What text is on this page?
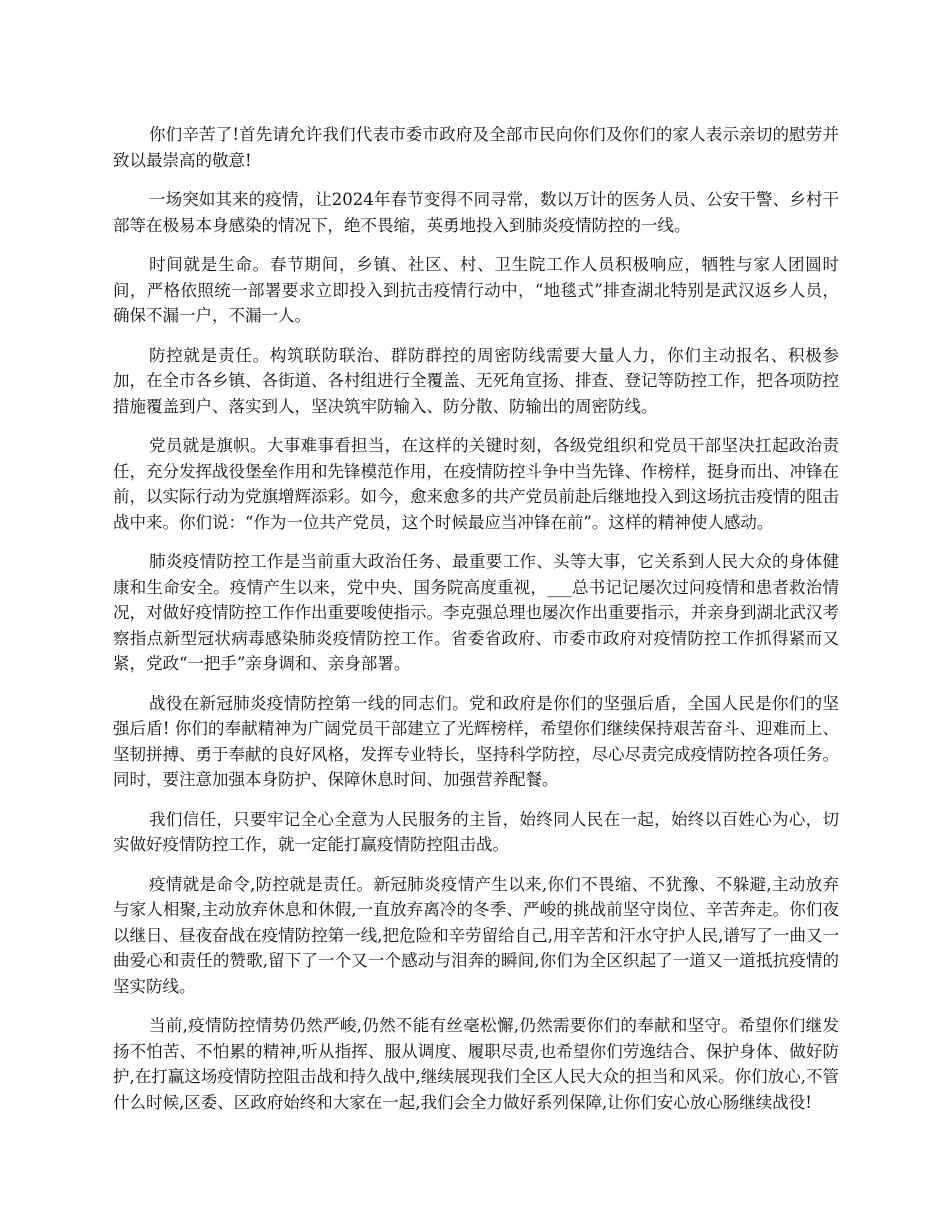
你们辛苦了!首先请允许我们代表市委市政府及全部市民向你们及你们的家人表示亲切的慰劳并致以最崇高的敬意!

一场突如其来的疫情，让2024年春节变得不同寻常，数以万计的医务人员、公安干警、乡村干部等在极易本身感染的情况下，绝不畏缩，英勇地投入到肺炎疫情防控的一线。

时间就是生命。春节期间，乡镇、社区、村、卫生院工作人员积极响应，牺牲与家人团圆时间，严格依照统一部署要求立即投入到抗击疫情行动中，“地毯式”排查湖北特别是武汉返乡人员，确保不漏一户，不漏一人。

防控就是责任。构筑联防联治、群防群控的周密防线需要大量人力，你们主动报名、积极参加，在全市各乡镇、各街道、各村组进行全覆盖、无死角宣扬、排查、登记等防控工作，把各项防控措施覆盖到户、落实到人，坚决筑牢防输入、防分散、防输出的周密防线。

党员就是旗帜。大事难事看担当，在这样的关键时刻，各级党组织和党员干部坚决扛起政治责任，充分发挥战役堡垒作用和先锋模范作用，在疫情防控斗争中当先锋、作榜样，挺身而出、冲锋在前，以实际行动为党旗增辉添彩。如今，愈来愈多的共产党员前赴后继地投入到这场抗击疫情的阻击战中来。你们说：“作为一位共产党员，这个时候最应当冲锋在前”。这样的精神使人感动。

肺炎疫情防控工作是当前重大政治任务、最重要工作、头等大事，它关系到人民大众的身体健康和生命安全。疫情产生以来，党中央、国务院高度重视，___总书记记屡次过问疫情和患者救治情况，对做好疫情防控工作作出重要唆使指示。李克强总理也屡次作出重要指示，并亲身到湖北武汉考察指点新型冠状病毒感染肺炎疫情防控工作。省委省政府、市委市政府对疫情防控工作抓得紧而又紧，党政“一把手”亲身调和、亲身部署。

战役在新冠肺炎疫情防控第一线的同志们。党和政府是你们的坚强后盾，全国人民是你们的坚强后盾! 你们的奉献精神为广阔党员干部建立了光辉榜样，希望你们继续保持艰苦奋斗、迎难而上、坚韧拼搏、勇于奉献的良好风格，发挥专业特长，坚持科学防控，尽心尽责完成疫情防控各项任务。同时，要注意加强本身防护、保障休息时间、加强营养配餐。

我们信任，只要牢记全心全意为人民服务的主旨，始终同人民在一起，始终以百姓心为心，切实做好疫情防控工作，就一定能打赢疫情防控阻击战。

疫情就是命令,防控就是责任。新冠肺炎疫情产生以来,你们不畏缩、不犹豫、不躲避,主动放弃与家人相聚,主动放弃休息和休假,一直放弃离冷的冬季、严峻的挑战前坚守岗位、辛苦奔走。你们夜以继日、昼夜奋战在疫情防控第一线,把危险和辛劳留给自己,用辛苦和汗水守护人民,谱写了一曲又一曲爱心和责任的赞歌,留下了一个又一个感动与泪奔的瞬间,你们为全区织起了一道又一道抵抗疫情的坚实防线。

当前,疫情防控情势仍然严峻,仍然不能有丝毫松懈,仍然需要你们的奉献和坚守。希望你们继发扬不怕苦、不怕累的精神,听从指挥、服从调度、履职尽责,也希望你们劳逸结合、保护身体、做好防护,在打赢这场疫情防控阻击战和持久战中,继续展现我们全区人民大众的担当和风采。你们放心,不管什么时候,区委、区政府始终和大家在一起,我们会全力做好系列保障,让你们安心放心肠继续战役!
